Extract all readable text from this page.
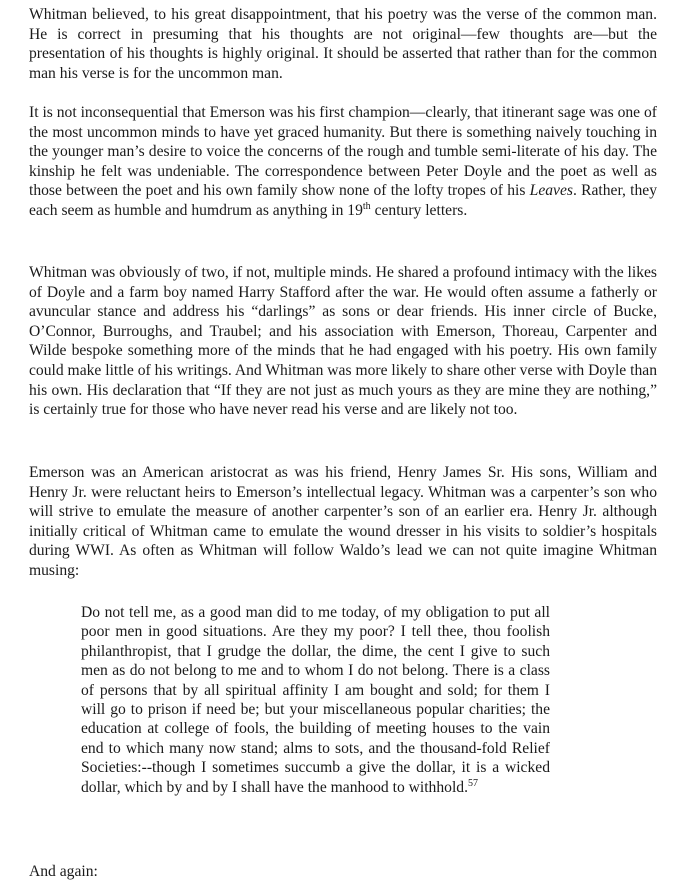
Whitman believed, to his great disappointment, that his poetry was the verse of the common man. He is correct in presuming that his thoughts are not original—few thoughts are—but the presentation of his thoughts is highly original. It should be asserted that rather than for the common man his verse is for the uncommon man.

It is not inconsequential that Emerson was his first champion—clearly, that itinerant sage was one of the most uncommon minds to have yet graced humanity. But there is something naively touching in the younger man’s desire to voice the concerns of the rough and tumble semi-literate of his day. The kinship he felt was undeniable. The correspondence between Peter Doyle and the poet as well as those between the poet and his own family show none of the lofty tropes of his Leaves. Rather, they each seem as humble and humdrum as anything in 19th century letters.

Whitman was obviously of two, if not, multiple minds. He shared a profound intimacy with the likes of Doyle and a farm boy named Harry Stafford after the war. He would often assume a fatherly or avuncular stance and address his “darlings” as sons or dear friends. His inner circle of Bucke, O’Connor, Burroughs, and Traubel; and his association with Emerson, Thoreau, Carpenter and Wilde bespoke something more of the minds that he had engaged with his poetry. His own family could make little of his writings. And Whitman was more likely to share other verse with Doyle than his own. His declaration that “If they are not just as much yours as they are mine they are nothing,” is certainly true for those who have never read his verse and are likely not too.

Emerson was an American aristocrat as was his friend, Henry James Sr. His sons, William and Henry Jr. were reluctant heirs to Emerson’s intellectual legacy. Whitman was a carpenter’s son who will strive to emulate the measure of another carpenter’s son of an earlier era. Henry Jr. although initially critical of Whitman came to emulate the wound dresser in his visits to soldier’s hospitals during WWI. As often as Whitman will follow Waldo’s lead we can not quite imagine Whitman musing:

Do not tell me, as a good man did to me today, of my obligation to put all poor men in good situations. Are they my poor? I tell thee, thou foolish philanthropist, that I grudge the dollar, the dime, the cent I give to such men as do not belong to me and to whom I do not belong. There is a class of persons that by all spiritual affinity I am bought and sold; for them I will go to prison if need be; but your miscellaneous popular charities; the education at college of fools, the building of meeting houses to the vain end to which many now stand; alms to sots, and the thousand-fold Relief Societies:--though I sometimes succumb a give the dollar, it is a wicked dollar, which by and by I shall have the manhood to withhold.$^{57}$

And again:
